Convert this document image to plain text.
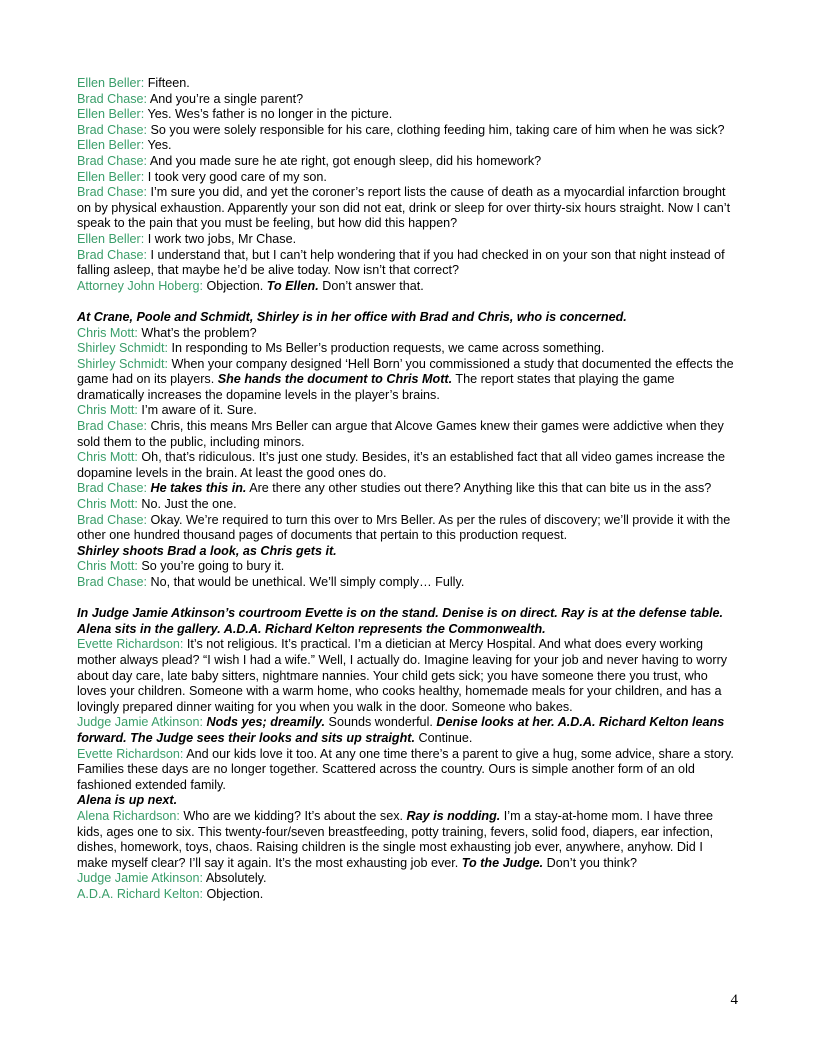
Ellen Beller: Fifteen.

Brad Chase: And you’re a single parent?

Ellen Beller: Yes. Wes’s father is no longer in the picture.

Brad Chase: So you were solely responsible for his care, clothing feeding him, taking care of him when he was sick?

Ellen Beller: Yes.

Brad Chase: And you made sure he ate right, got enough sleep, did his homework?

Ellen Beller: I took very good care of my son.

Brad Chase: I’m sure you did, and yet the coroner’s report lists the cause of death as a myocardial infarction brought on by physical exhaustion. Apparently your son did not eat, drink or sleep for over thirty-six hours straight. Now I can’t speak to the pain that you must be feeling, but how did this happen?

Ellen Beller: I work two jobs, Mr Chase.

Brad Chase: I understand that, but I can’t help wondering that if you had checked in on your son that night instead of falling asleep, that maybe he’d be alive today. Now isn’t that correct?

Attorney John Hoberg: Objection. To Ellen. Don’t answer that.

At Crane, Poole and Schmidt, Shirley is in her office with Brad and Chris, who is concerned.

Chris Mott: What’s the problem?

Shirley Schmidt: In responding to Ms Beller’s production requests, we came across something.

Shirley Schmidt: When your company designed ‘Hell Born’ you commissioned a study that documented the effects the game had on its players. She hands the document to Chris Mott. The report states that playing the game dramatically increases the dopamine levels in the player’s brains.

Chris Mott: I’m aware of it. Sure.

Brad Chase: Chris, this means Mrs Beller can argue that Alcove Games knew their games were addictive when they sold them to the public, including minors.

Chris Mott: Oh, that’s ridiculous. It’s just one study. Besides, it’s an established fact that all video games increase the dopamine levels in the brain. At least the good ones do.

Brad Chase: He takes this in. Are there any other studies out there? Anything like this that can bite us in the ass?

Chris Mott: No. Just the one.

Brad Chase: Okay. We’re required to turn this over to Mrs Beller. As per the rules of discovery; we’ll provide it with the other one hundred thousand pages of documents that pertain to this production request.

Shirley shoots Brad a look, as Chris gets it.

Chris Mott: So you’re going to bury it.

Brad Chase: No, that would be unethical. We’ll simply comply… Fully.

In Judge Jamie Atkinson’s courtroom Evette is on the stand. Denise is on direct. Ray is at the defense table. Alena sits in the gallery. A.D.A. Richard Kelton represents the Commonwealth.

Evette Richardson: It’s not religious. It’s practical. I’m a dietician at Mercy Hospital. And what does every working mother always plead? “I wish I had a wife.” Well, I actually do. Imagine leaving for your job and never having to worry about day care, late baby sitters, nightmare nannies. Your child gets sick; you have someone there you trust, who loves your children. Someone with a warm home, who cooks healthy, homemade meals for your children, and has a lovingly prepared dinner waiting for you when you walk in the door. Someone who bakes.

Judge Jamie Atkinson: Nods yes; dreamily. Sounds wonderful. Denise looks at her. A.D.A. Richard Kelton leans forward. The Judge sees their looks and sits up straight. Continue.

Evette Richardson: And our kids love it too. At any one time there’s a parent to give a hug, some advice, share a story. Families these days are no longer together. Scattered across the country. Ours is simple another form of an old fashioned extended family.

Alena is up next.

Alena Richardson: Who are we kidding? It’s about the sex. Ray is nodding. I’m a stay-at-home mom. I have three kids, ages one to six. This twenty-four/seven breastfeeding, potty training, fevers, solid food, diapers, ear infection, dishes, homework, toys, chaos. Raising children is the single most exhausting job ever, anywhere, anyhow. Did I make myself clear? I’ll say it again. It’s the most exhausting job ever. To the Judge. Don’t you think?

Judge Jamie Atkinson: Absolutely.

A.D.A. Richard Kelton: Objection.

4
